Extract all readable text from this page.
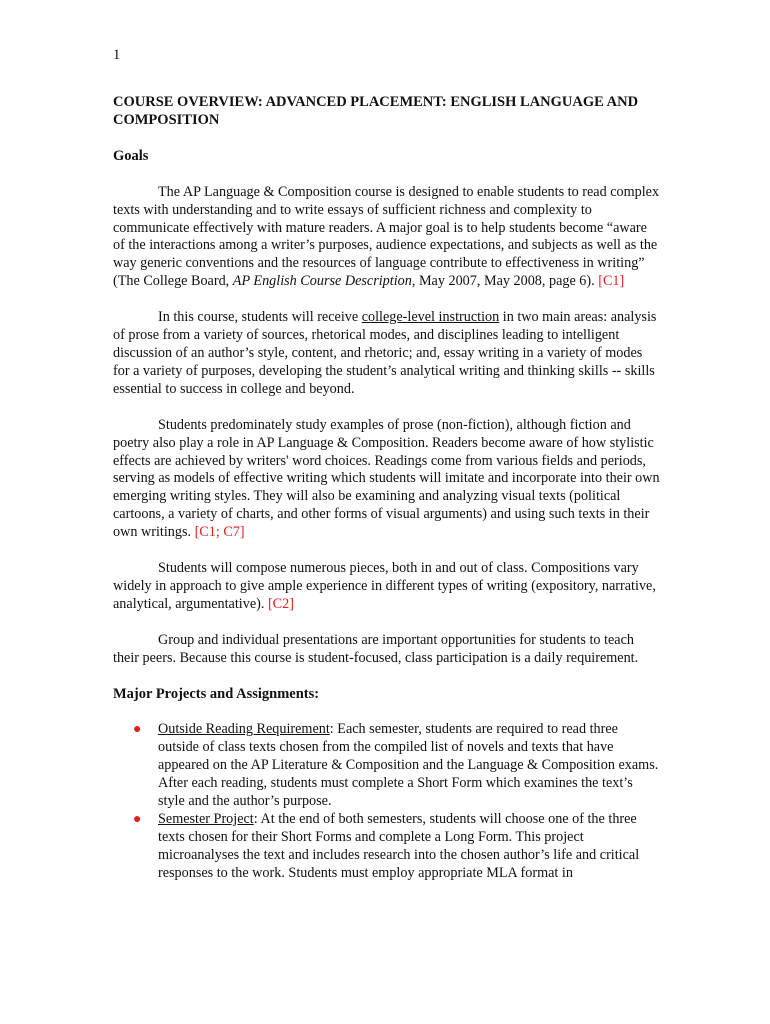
1
COURSE OVERVIEW: ADVANCED PLACEMENT: ENGLISH LANGUAGE AND COMPOSITION
Goals

The AP Language & Composition course is designed to enable students to read complex texts with understanding and to write essays of sufficient richness and complexity to communicate effectively with mature readers. A major goal is to help students become “aware of the interactions among a writer’s purposes, audience expectations, and subjects as well as the way generic conventions and the resources of language contribute to effectiveness in writing” (The College Board, AP English Course Description, May 2007, May 2008, page 6). [C1]

In this course, students will receive college-level instruction in two main areas: analysis of prose from a variety of sources, rhetorical modes, and disciplines leading to intelligent discussion of an author’s style, content, and rhetoric; and, essay writing in a variety of modes for a variety of purposes, developing the student’s analytical writing and thinking skills -- skills essential to success in college and beyond.

Students predominately study examples of prose (non-fiction), although fiction and poetry also play a role in AP Language & Composition. Readers become aware of how stylistic effects are achieved by writers' word choices. Readings come from various fields and periods, serving as models of effective writing which students will imitate and incorporate into their own emerging writing styles. They will also be examining and analyzing visual texts (political cartoons, a variety of charts, and other forms of visual arguments) and using such texts in their own writings. [C1; C7]

Students will compose numerous pieces, both in and out of class. Compositions vary widely in approach to give ample experience in different types of writing (expository, narrative, analytical, argumentative). [C2]

Group and individual presentations are important opportunities for students to teach their peers. Because this course is student-focused, class participation is a daily requirement.

Major Projects and Assignments:
● Outside Reading Requirement: Each semester, students are required to read three outside of class texts chosen from the compiled list of novels and texts that have appeared on the AP Literature & Composition and the Language & Composition exams. After each reading, students must complete a Short Form which examines the text’s style and the author’s purpose.
● Semester Project: At the end of both semesters, students will choose one of the three texts chosen for their Short Forms and complete a Long Form. This project microanalyses the text and includes research into the chosen author’s life and critical responses to the work. Students must employ appropriate MLA format in
